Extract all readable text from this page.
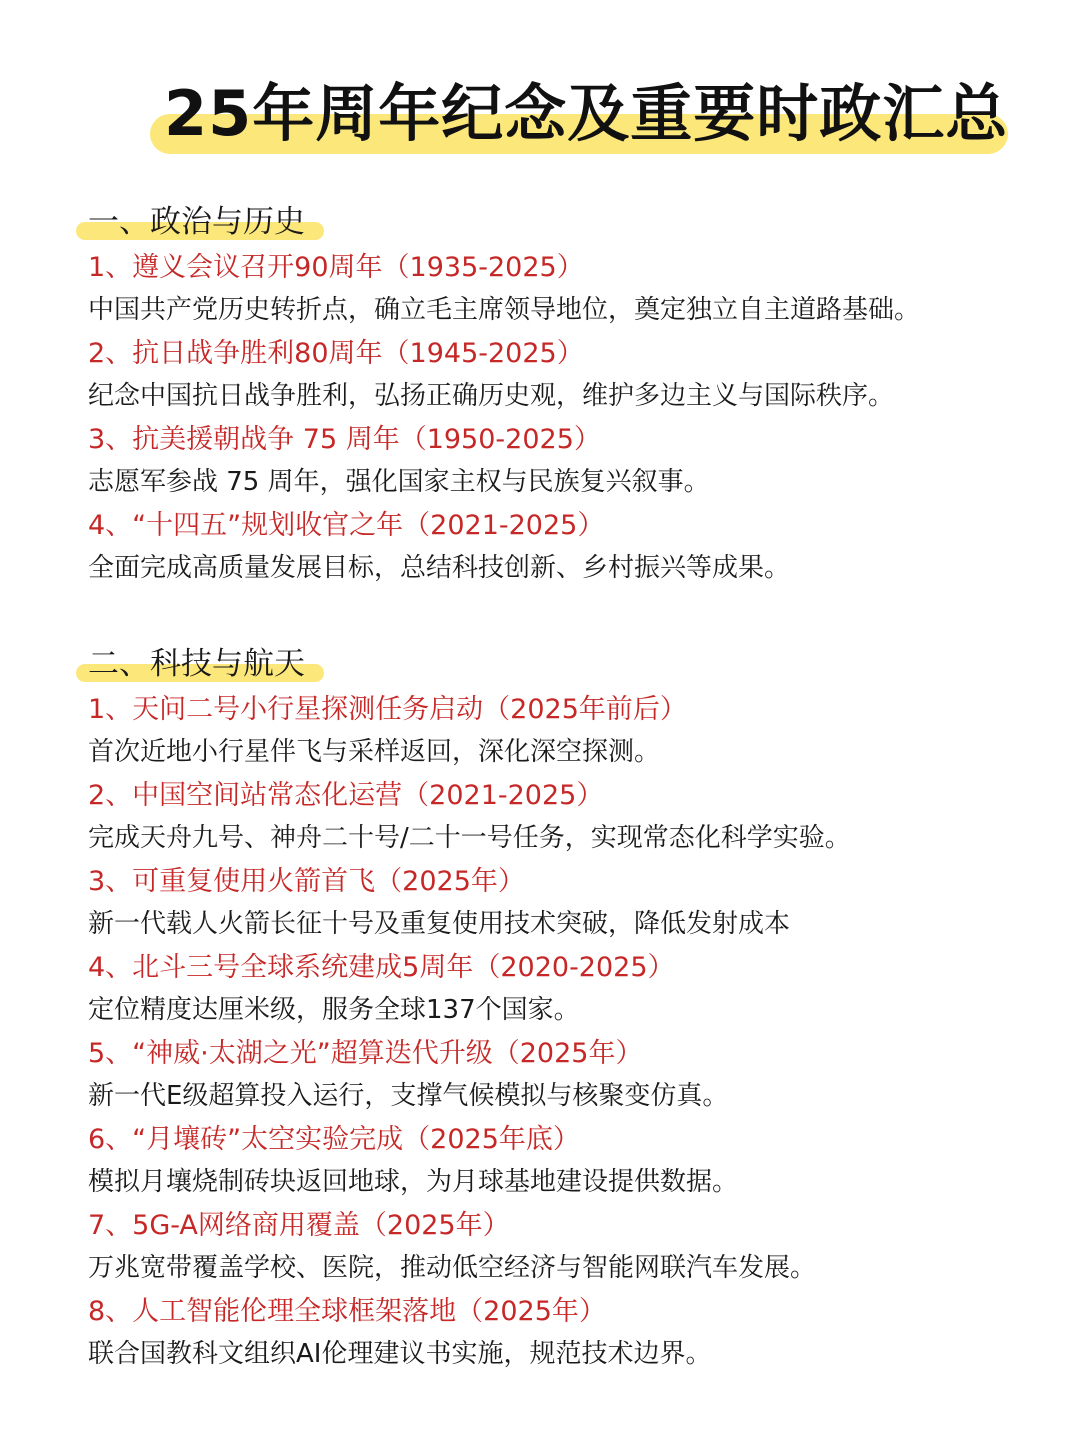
25年周年纪念及重要时政汇总
一、政治与历史
1、遵义会议召开90周年（1935-2025）
中国共产党历史转折点，确立毛主席领导地位，奠定独立自主道路基础。
2、抗日战争胜利80周年（1945-2025）
纪念中国抗日战争胜利，弘扬正确历史观，维护多边主义与国际秩序。
3、抗美援朝战争 75 周年（1950-2025）
志愿军参战 75 周年，强化国家主权与民族复兴叙事。
4、“十四五”规划收官之年（2021-2025）
全面完成高质量发展目标，总结科技创新、乡村振兴等成果。
二、科技与航天
1、天问二号小行星探测任务启动（2025年前后）
首次近地小行星伴飞与采样返回，深化深空探测。
2、中国空间站常态化运营（2021-2025）
完成天舟九号、神舟二十号/二十一号任务，实现常态化科学实验。
3、可重复使用火箭首飞（2025年）
新一代载人火箭长征十号及重复使用技术突破，降低发射成本
4、北斗三号全球系统建成5周年（2020-2025）
定位精度达厘米级，服务全球137个国家。
5、“神威·太湖之光”超算迭代升级（2025年）
新一代E级超算投入运行，支撑气候模拟与核聚变仿真。
6、“月壤砖”太空实验完成（2025年底）
模拟月壤烧制砖块返回地球，为月球基地建设提供数据。
7、5G-A网络商用覆盖（2025年）
万兆宽带覆盖学校、医院，推动低空经济与智能网联汽车发展。
8、人工智能伦理全球框架落地（2025年）
联合国教科文组织AI伦理建议书实施，规范技术边界。
